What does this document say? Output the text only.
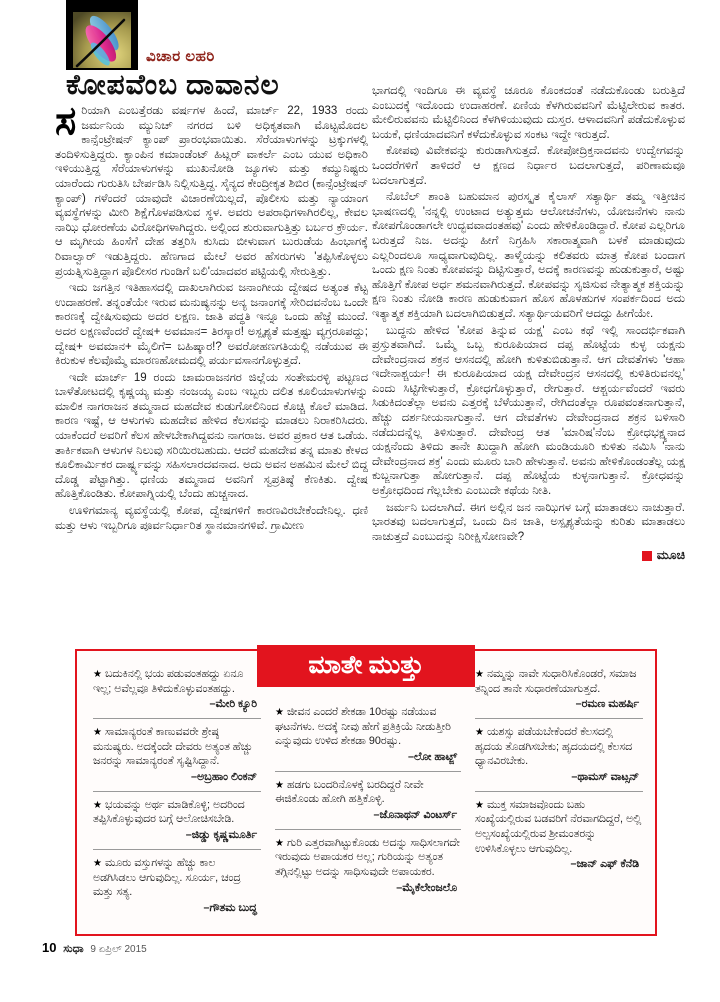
ವಿಚಾರ ಲಹರಿ
ಕೋಪವೆಂಬ ದಾವಾನಲ

ಸರಿಯಾಗಿ ಎಂಬತ್ತೆರಡು ವರ್ಷಗಳ ಹಿಂದೆ, ಮಾರ್ಚ್ 22, 1933 ರಂದು ಜರ್ಮನಿಯ ಮ್ಯುನಿಚ್ ನಗರದ ಬಳಿ ಅಧಿಕೃತವಾಗಿ ಮೊಟ್ಟಮೊದಲ ಕಾನ್ಸೆಂಟ್ರೇಷನ್ ಕ್ಯಾಂಪ್ ಪ್ರಾರಂಭವಾಯಿತು. ಸೆರೆಯಾಳುಗಳನ್ನು ಟ್ರಕ್ಕುಗಳಲ್ಲಿ ತಂದಿಳಿಸುತ್ತಿದ್ದರು. ಕ್ಯಾಂಪಿನ ಕಮಾಂಡೆಂಟ್ ಹಿಟ್ಲರ್ ವಾಕರ್ಲೆ ಎಂಬ ಯುವ ಅಧಿಕಾರಿ ಇಳಿಯುತ್ತಿದ್ದ ಸೆರೆಯಾಳುಗಳನ್ನು ಮುಖನೋಡಿ ಜ್ಯೂಗಳು ಮತ್ತು ಕಮ್ಯುನಿಷ್ಟರು ಯಾರೆಂದು ಗುರುತಿಸಿ ಬೇರ್ಪಡಿಸಿ ನಿಲ್ಲಿಸುತ್ತಿದ್ದ. ಸೈನ್ಯದ ಕೇಂದ್ರೀಕೃತ ಶಿಬಿರ (ಕಾನ್ಸೆಂಟ್ರೇಷನ್ ಕ್ಯಾಂಪ್) ಗಳೆಂದರೆ ಯಾವುದೇ ವಿಚಾರಣೆಯಿಲ್ಲದೆ, ಪೊಲೀಸು ಮತ್ತು ನ್ಯಾಯಾಂಗ ವ್ಯವಸ್ಥೆಗಳನ್ನು ಮೀರಿ ಶಿಕ್ಷೆಗೊಳಪಡಿಸುವ ಸ್ಥಳ. ಅವರು ಅಪರಾಧಿಗಳಾಗಿರಲಿಲ್ಲ, ಕೇವಲ ನಾಝಿ ಧೋರಣೆಯ ವಿರೋಧಿಗಳಾಗಿದ್ದರು. ಅಲ್ಲಿಂದ ಶುರುವಾಗುತ್ತಿತ್ತು ಬರ್ಬರ ಕ್ರೌರ್ಯ. ಆ ಮೃಗೀಯ ಹಿಂಸೆಗೆ ದೇಹ ತತ್ತರಿಸಿ ಕುಸಿದು ಬೀಳುವಾಗ ಬುರುಡೆಯ ಹಿಂಭಾಗಕ್ಕೆ ರಿವಾಲ್ವಾರ್ ಇಡುತ್ತಿದ್ದರು. ಹೆಣಗಾದ ಮೇಲೆ ಅವರ ಹೆಸರುಗಳು 'ತಪ್ಪಿಸಿಕೊಳ್ಳಲು ಪ್ರಯತ್ನಿಸುತ್ತಿದ್ದಾಗ ಪೊಲೀಸರ ಗುಂಡಿಗೆ ಬಲಿ'ಯಾದವರ ಪಟ್ಟಿಯಲ್ಲಿ ಸೇರುತ್ತಿತ್ತು.

ಇದು ಜಗತ್ತಿನ ಇತಿಹಾಸದಲ್ಲಿ ದಾಖಲಾಗಿರುವ ಜನಾಂಗೀಯ ದ್ವೇಷದ ಅತ್ಯಂತ ಕೆಟ್ಟ ಉದಾಹರಣೆ. ತನ್ನಂತೆಯೇ ಇರುವ ಮನುಷ್ಯನನ್ನು ಅನ್ಯ ಜನಾಂಗಕ್ಕೆ ಸೇರಿದವನೆಂಬ ಒಂದೇ ಕಾರಣಕ್ಕೆ ದ್ವೇಷಿಸುವುದು ಅದರ ಲಕ್ಷಣ. ಜಾತಿ ಪದ್ಧತಿ ಇನ್ನೂ ಒಂದು ಹೆಜ್ಜೆ ಮುಂದೆ. ಅದರ ಲಕ್ಷಣವೆಂದರೆ ದ್ವೇಷ+ ಅವಮಾನ= ತಿರಸ್ಕಾರ! ಅಸ್ಪೃಶ್ಯತೆ ಮತ್ತಷ್ಟು ವ್ಯಗ್ರರೂಪದ್ದು; ದ್ವೇಷ+ ಅವಮಾನ+ ಮೈಲಿಗೆ= ಬಹಿಷ್ಕಾರ!? ಅವರೋಹಣಗತಿಯಲ್ಲಿ ನಡೆಯುವ ಈ ಕಿರುಕುಳ ಕೆಲವೊಮ್ಮೆ ಮಾರಣಹೋಮದಲ್ಲಿ ಪರ್ಯವಸಾನಗೊಳ್ಳುತ್ತದೆ.

ಇದೇ ಮಾರ್ಚ್ 19 ರಂದು ಚಾಮರಾಜನಗರ ಜಿಲ್ಲೆಯ ಸಂತೇಮರಳ್ಳಿ ಪಟ್ಟಣದ ಬಾಳೆತೋಟದಲ್ಲಿ ಕೃಷ್ಣಯ್ಯ ಮತ್ತು ನಂಜಯ್ಯ ಎಂಬ ಇಬ್ಬರು ದಲಿತ ಕೂಲಿಯಾಳುಗಳನ್ನು ಮಾಲಿಕ ನಾಗರಾಜನ ತಮ್ಮನಾದ ಮಹದೇವ ಕುಡುಗೋಲಿನಿಂದ ಕೊಚ್ಚಿ ಕೊಲೆ ಮಾಡಿದ. ಕಾರಣ ಇಷ್ಟೆ, ಆ ಆಳುಗಳು ಮಹದೇವ ಹೇಳಿದ ಕೆಲಸವನ್ನು ಮಾಡಲು ನಿರಾಕರಿಸಿದರು. ಯಾಕೆಂದರೆ ಅವರಿಗೆ ಕೆಲಸ ಹೇಳಬೇಕಾಗಿದ್ದವನು ನಾಗರಾಜ. ಅವರ ಪ್ರಕಾರ ಆತ ಒಡೆಯ. ತಾರ್ಕಿಕವಾಗಿ ಆಳುಗಳ ನಿಲುವು ಸರಿಯಿರಬಹುದು. ಆದರೆ ಮಹದೇವ ತನ್ನ ಮಾತು ಕೇಳದ ಕೂಲಿಕಾರ್ಮಿಕರ ದಾರ್ಷ್ಟ್ಯವನ್ನು ಸಹಿಸಲಾರದವನಾದ. ಅದು ಅವನ ಅಹಮಿನ ಮೇಲೆ ಬಿದ್ದ ದೊಡ್ಡ ಪೆಟ್ಟಾಗಿತ್ತು. ಧಣಿಯ ತಮ್ಮನಾದ ಅವನಿಗೆ ಸ್ವಪ್ರತಿಷ್ಠೆ ಕೆಣಕಿತು. ದ್ವೇಷ ಹೊತ್ತಿಕೊಂಡಿತು. ಕೋಪಾಗ್ನಿಯಲ್ಲಿ ಬೆಂದು ಹುಚ್ಚನಾದ.

ಊಳಿಗಮಾನ್ಯ ವ್ಯವಸ್ಥೆಯಲ್ಲಿ ಕೋಪ, ದ್ವೇಷಗಳಿಗೆ ಕಾರಣವಿರಬೇಕೆಂದೇನಿಲ್ಲ. ಧಣಿ ಮತ್ತು ಆಳು ಇಬ್ಬರಿಗೂ ಪೂರ್ವನಿರ್ಧಾರಿತ ಸ್ಥಾನಮಾನಗಳಿವೆ. ಗ್ರಾಮೀಣ

ಭಾಗದಲ್ಲಿ ಇಂದಿಗೂ ಈ ವ್ಯವಸ್ಥೆ ಚೂರೂ ಕೊಂಕದಂತೆ ನಡೆದುಕೊಂಡು ಬರುತ್ತಿದೆ ಎಂಬುದಕ್ಕೆ ಇದೊಂದು ಉದಾಹರಣೆ. ಏಣಿಯ ಕೆಳಗಿರುವವನಿಗೆ ಮೆಟ್ಟಿಲೇರುವ ಕಾತರ. ಮೇಲಿರುವವನು ಮೆಟ್ಟಿಲಿನಿಂದ ಕೆಳಗಿಳಿಯುವುದು ದುಸ್ತರ. ಆಳಾದವನಿಗೆ ಪಡೆದುಕೊಳ್ಳುವ ಬಯಕೆ, ಧಣಿಯಾದವನಿಗೆ ಕಳೆದುಕೊಳ್ಳುವ ಸಂಕಟ ಇದ್ದೇ ಇರುತ್ತದೆ.

ಕೋಪವು ವಿವೇಕವನ್ನು ಕುರುಡಾಗಿಸುತ್ತದೆ. ಕೋಪೋದ್ರಿಕ್ತನಾದವನು ಉದ್ವೇಗವನ್ನು ಒಂದರೆಗಳಿಗೆ ತಾಳಿದರೆ ಆ ಕ್ಷಣದ ನಿರ್ಧಾರ ಬದಲಾಗುತ್ತದೆ, ಪರಿಣಾಮವೂ ಬದಲಾಗುತ್ತದೆ.

ನೊಬೆಲ್ ಶಾಂತಿ ಬಹುಮಾನ ಪುರಸ್ಕೃತ ಕೈಲಾಸ್ ಸತ್ಯಾರ್ಥಿ ತಮ್ಮ ಇತ್ತೀಚಿನ ಭಾಷಣದಲ್ಲಿ 'ನನ್ನಲ್ಲಿ ಉಂಟಾದ ಅತ್ಯುತ್ತಮ ಆಲೋಚನೆಗಳು, ಯೋಜನೆಗಳು ನಾನು ಕೋಪಗೊಂಡಾಗಲೇ ಉದ್ಭವವಾದಂತಹವು' ಎಂದು ಹೇಳಿಕೊಂಡಿದ್ದಾರೆ. ಕೋಪ ಎಲ್ಲರಿಗೂ ಬರುತ್ತದೆ ನಿಜ. ಅದನ್ನು ಹೀಗೆ ನಿಗ್ರಹಿಸಿ ಸಕಾರಾತ್ಮವಾಗಿ ಬಳಕೆ ಮಾಡುವುದು ಎಲ್ಲರಿಂದಲೂ ಸಾಧ್ಯವಾಗುವುದಿಲ್ಲ. ತಾಳ್ಮೆಯನ್ನು ಕಲಿತವರು ಮಾತ್ರ ಕೋಪ ಬಂದಾಗ ಒಂದು ಕ್ಷಣ ನಿಂತು ಕೋಪವನ್ನು ದಿಟ್ಟಿಸುತ್ತಾರೆ, ಅದಕ್ಕೆ ಕಾರಣವನ್ನು ಹುಡುಕುತ್ತಾರೆ, ಅಷ್ಟು ಹೊತ್ತಿಗೆ ಕೋಪ ಅರ್ಧ ಶಮನವಾಗಿರುತ್ತದೆ. ಕೋಪವನ್ನು ಸೃಜಿಸುವ ನೇತ್ಯಾತ್ಮಕ ಶಕ್ತಿಯನ್ನು ಕ್ಷಣ ನಿಂತು ನೋಡಿ ಕಾರಣ ಹುಡುಕುವಾಗ ಹೊಸ ಹೊಳಹುಗಳ ಸಂಪರ್ಕದಿಂದ ಅದು ಇತ್ಯಾತ್ಮಕ ಶಕ್ತಿಯಾಗಿ ಬದಲಾಗಿಬಿಡುತ್ತದೆ. ಸತ್ಯಾರ್ಥಿಯವರಿಗೆ ಆದದ್ದು ಹೀಗೆಯೇ.

ಬುದ್ಧನು ಹೇಳಿದ 'ಕೋಪ ತಿನ್ನುವ ಯಕ್ಷ' ಎಂಬ ಕಥೆ ಇಲ್ಲಿ ಸಾಂದರ್ಭಿಕವಾಗಿ ಪ್ರಸ್ತುತವಾಗಿದೆ. ಒಮ್ಮೆ ಒಬ್ಬ ಕುರೂಪಿಯಾದ ದಪ್ಪ ಹೊಟ್ಟೆಯ ಕುಳ್ಳ ಯಕ್ಷನು ದೇವೇಂದ್ರನಾದ ಶಕ್ರನ ಆಸನದಲ್ಲಿ ಹೋಗಿ ಕುಳಿತುಬಿಡುತ್ತಾನೆ. ಆಗ ದೇವತೆಗಳು 'ಆಹಾ ಇದೇನಾಶ್ಚರ್ಯ! ಈ ಕುರೂಪಿಯಾದ ಯಕ್ಷ ದೇವೇಂದ್ರನ ಆಸನದಲ್ಲಿ ಕುಳಿತಿರುವನಲ್ಲ' ಎಂದು ಸಿಟ್ಟಿಗೇಳುತ್ತಾರೆ, ಕ್ರೋಧಗೊಳ್ಳುತ್ತಾರೆ, ರೇಗುತ್ತಾರೆ. ಆಶ್ಚರ್ಯವೆಂದರೆ ಇವರು ಸಿಡುಕಿದಂತೆಲ್ಲಾ ಅವನು ಎತ್ತರಕ್ಕೆ ಬೆಳೆಯುತ್ತಾನೆ, ರೇಗಿದಂತೆಲ್ಲಾ ರೂಪವಂತನಾಗುತ್ತಾನೆ, ಹೆಚ್ಚು ದರ್ಶನೀಯನಾಗುತ್ತಾನೆ. ಆಗ ದೇವತೆಗಳು ದೇವೇಂದ್ರನಾದ ಶಕ್ರನ ಬಳಿಸಾರಿ ನಡೆದುದನ್ನೆಲ್ಲ ತಿಳಿಸುತ್ತಾರೆ. ದೇವೇಂದ್ರ ಆತ 'ಮಾರಿಷ'ನೆಂಬ ಕ್ರೋಧಭಕ್ಷ್ಯನಾದ ಯಕ್ಷನೆಂದು ತಿಳಿದು ತಾನೇ ಖುದ್ದಾಗಿ ಹೋಗಿ ಮಂಡಿಯೂರಿ ಕುಳಿತು ನಮಿಸಿ 'ನಾನು ದೇವೇಂದ್ರನಾದ ಶಕ್ರ' ಎಂದು ಮೂರು ಬಾರಿ ಹೇಳುತ್ತಾನೆ. ಅವನು ಹೇಳಿಕೊಂಡಂತೆಲ್ಲ ಯಕ್ಷ ಕುಬ್ಜನಾಗುತ್ತಾ ಹೋಗುತ್ತಾನೆ. ದಪ್ಪ ಹೊಟ್ಟೆಯ ಕುಳ್ಳನಾಗುತ್ತಾನೆ. ಕ್ರೋಧವನ್ನು ಅಕ್ರೋಧದಿಂದ ಗೆಲ್ಲಬೇಕು ಎಂಬುದೇ ಕಥೆಯ ನೀತಿ.

ಜರ್ಮನಿ ಬದಲಾಗಿದೆ. ಈಗ ಅಲ್ಲಿನ ಜನ ನಾಝಿಗಳ ಬಗ್ಗೆ ಮಾತಾಡಲು ನಾಚುತ್ತಾರೆ. ಭಾರತವು ಬದಲಾಗುತ್ತದೆ, ಒಂದು ದಿನ ಜಾತಿ, ಅಸ್ಪೃಶ್ಯತೆಯನ್ನು ಕುರಿತು ಮಾತಾಡಲು ನಾಚುತ್ತದೆ ಎಂಬುದನ್ನು ನಿರೀಕ್ಷಿಸೋಣವೇ?

ಮೂಚಿ
ಮಾತೇ ಮುತ್ತು
★ ಬದುಕಿನಲ್ಲಿ ಭಯ ಪಡುವಂತಹದ್ದು ಏನೂ ಇಲ್ಲ; ಅವೆಲ್ಲವೂ ತಿಳಿದುಕೊಳ್ಳುವಂತಹದ್ದು.
–ಮೇರಿ ಕ್ಯೂರಿ
★ ಸಾಮಾನ್ಯರಂತೆ ಕಾಣುವವರೇ ಶ್ರೇಷ್ಠ ಮನುಷ್ಯರು. ಅದಕ್ಕೆಂದೇ ದೇವರು ಅತ್ಯಂತ ಹೆಚ್ಚು ಜನರನ್ನು ಸಾಮಾನ್ಯರಂತೆ ಸೃಷ್ಟಿಸಿದ್ದಾನೆ.
–ಅಬ್ರಹಾಂ ಲಿಂಕನ್
★ ಭಯವನ್ನು ಅರ್ಥ ಮಾಡಿಕೊಳ್ಳಿ; ಅದರಿಂದ ತಪ್ಪಿಸಿಕೊಳ್ಳುವುದರ ಬಗ್ಗೆ ಆಲೋಚಿಸಬೇಡಿ.
–ಜಿಡ್ಡು ಕೃಷ್ಣಮೂರ್ತಿ
★ ಮೂರು ವಸ್ತುಗಳನ್ನು ಹೆಚ್ಚು ಕಾಲ ಅಡಗಿಸಿಡಲು ಆಗುವುದಿಲ್ಲ. ಸೂರ್ಯ, ಚಂದ್ರ ಮತ್ತು ಸತ್ಯ.
–ಗೌತಮ ಬುದ್ಧ
★ ಜೀವನ ಎಂದರೆ ಶೇಕಡಾ 10ರಷ್ಟು ನಡೆಯುವ ಘಟನೆಗಳು. ಅದಕ್ಕೆ ನೀವು ಹೇಗೆ ಪ್ರತಿಕ್ರಿಯೆ ನೀಡುತ್ತೀರಿ ಎನ್ನುವುದು ಉಳಿದ ಶೇಕಡಾ 90ರಷ್ಟು.
–ಲೋ ಹಾಟ್ಜ್
★ ಹಡಗು ಬಂದರಿನೊಳಕ್ಕೆ ಬರದಿದ್ದರೆ ನೀವೇ ಈಜಿಕೊಂಡು ಹೋಗಿ ಹತ್ತಿಕೊಳ್ಳಿ.
–ಜೊನಾಥನ್ ವಿಂಟರ್ಸ್
★ ಗುರಿ ಎತ್ತರವಾಗಿಟ್ಟುಕೊಂಡು ಅದನ್ನು ಸಾಧಿಸಲಾಗದೇ ಇರುವುದು ಅಪಾಯಕರ ಅಲ್ಲ; ಗುರಿಯನ್ನು ಅತ್ಯಂತ ತಗ್ಗಿನಲ್ಲಿಟ್ಟು ಅದನ್ನು ಸಾಧಿಸುವುದೇ ಅಪಾಯಕರ.
–ಮೈಕೆಲೇಂಜಲೊ
★ ನಮ್ಮನ್ನು ನಾವೇ ಸುಧಾರಿಸಿಕೊಂಡರೆ, ಸಮಾಜ ತನ್ನಿಂದ ತಾನೇ ಸುಧಾರಣೆಯಾಗುತ್ತದೆ.
–ರಮಣ ಮಹರ್ಷಿ
★ ಯಶಸ್ಸು ಪಡೆಯಬೇಕೆಂದರೆ ಕೆಲಸದಲ್ಲಿ ಹೃದಯ ತೊಡಗಿಸಬೇಕು; ಹೃದಯದಲ್ಲಿ ಕೆಲಸದ ಧ್ಯಾನವಿರಬೇಕು.
–ಥಾಮಸ್ ವಾಟ್ಸನ್
★ ಮುಕ್ತ ಸಮಾಜವೊಂದು ಬಹು ಸಂಖ್ಯೆಯಲ್ಲಿರುವ ಬಡವರಿಗೆ ನೆರವಾಗದಿದ್ದರೆ, ಅಲ್ಲಿ ಅಲ್ಪಸಂಖ್ಯೆಯಲ್ಲಿರುವ ಶ್ರೀಮಂತರನ್ನು ಉಳಿಸಿಕೊಳ್ಳಲು ಆಗುವುದಿಲ್ಲ.
–ಜಾನ್ ಎಫ್ ಕೆನೆಡಿ
10 ಸುಧಾ 9 ಏಪ್ರಿಲ್ 2015
